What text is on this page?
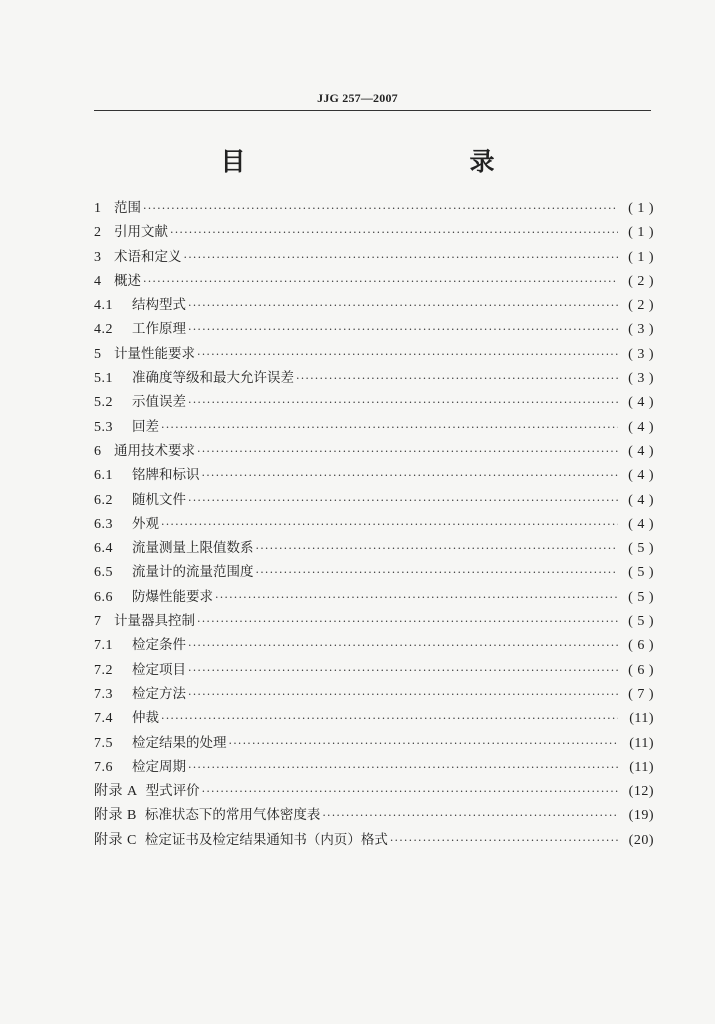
JJG 257—2007
目　　录
1 范围 ·····	( 1 )
2 引用文献 ·····	( 1 )
3 术语和定义 ·····	( 1 )
4 概述 ·····	( 2 )
4.1	结构型式 ·····	( 2 )
4.2	工作原理 ·····	( 3 )
5 计量性能要求 ·····	( 3 )
5.1	准确度等级和最大允许误差 ·····	( 3 )
5.2	示值误差 ·····	( 4 )
5.3	回差 ·····	( 4 )
6 通用技术要求 ·····	( 4 )
6.1	铭牌和标识 ·····	( 4 )
6.2	随机文件 ·····	( 4 )
6.3	外观 ·····	( 4 )
6.4	流量测量上限值数系 ·····	( 5 )
6.5	流量计的流量范围度 ·····	( 5 )
6.6	防爆性能要求 ·····	( 5 )
7 计量器具控制 ·····	( 5 )
7.1	检定条件 ·····	( 6 )
7.2	检定项目 ·····	( 6 )
7.3	检定方法 ·····	( 7 )
7.4	仲裁 ·····	(11)
7.5	检定结果的处理 ·····	(11)
7.6	检定周期 ·····	(11)
附录 A 型式评价 ·····	(12)
附录 B 标准状态下的常用气体密度表 ·····	(19)
附录 C 检定证书及检定结果通知书（内页）格式 ·····	(20)
